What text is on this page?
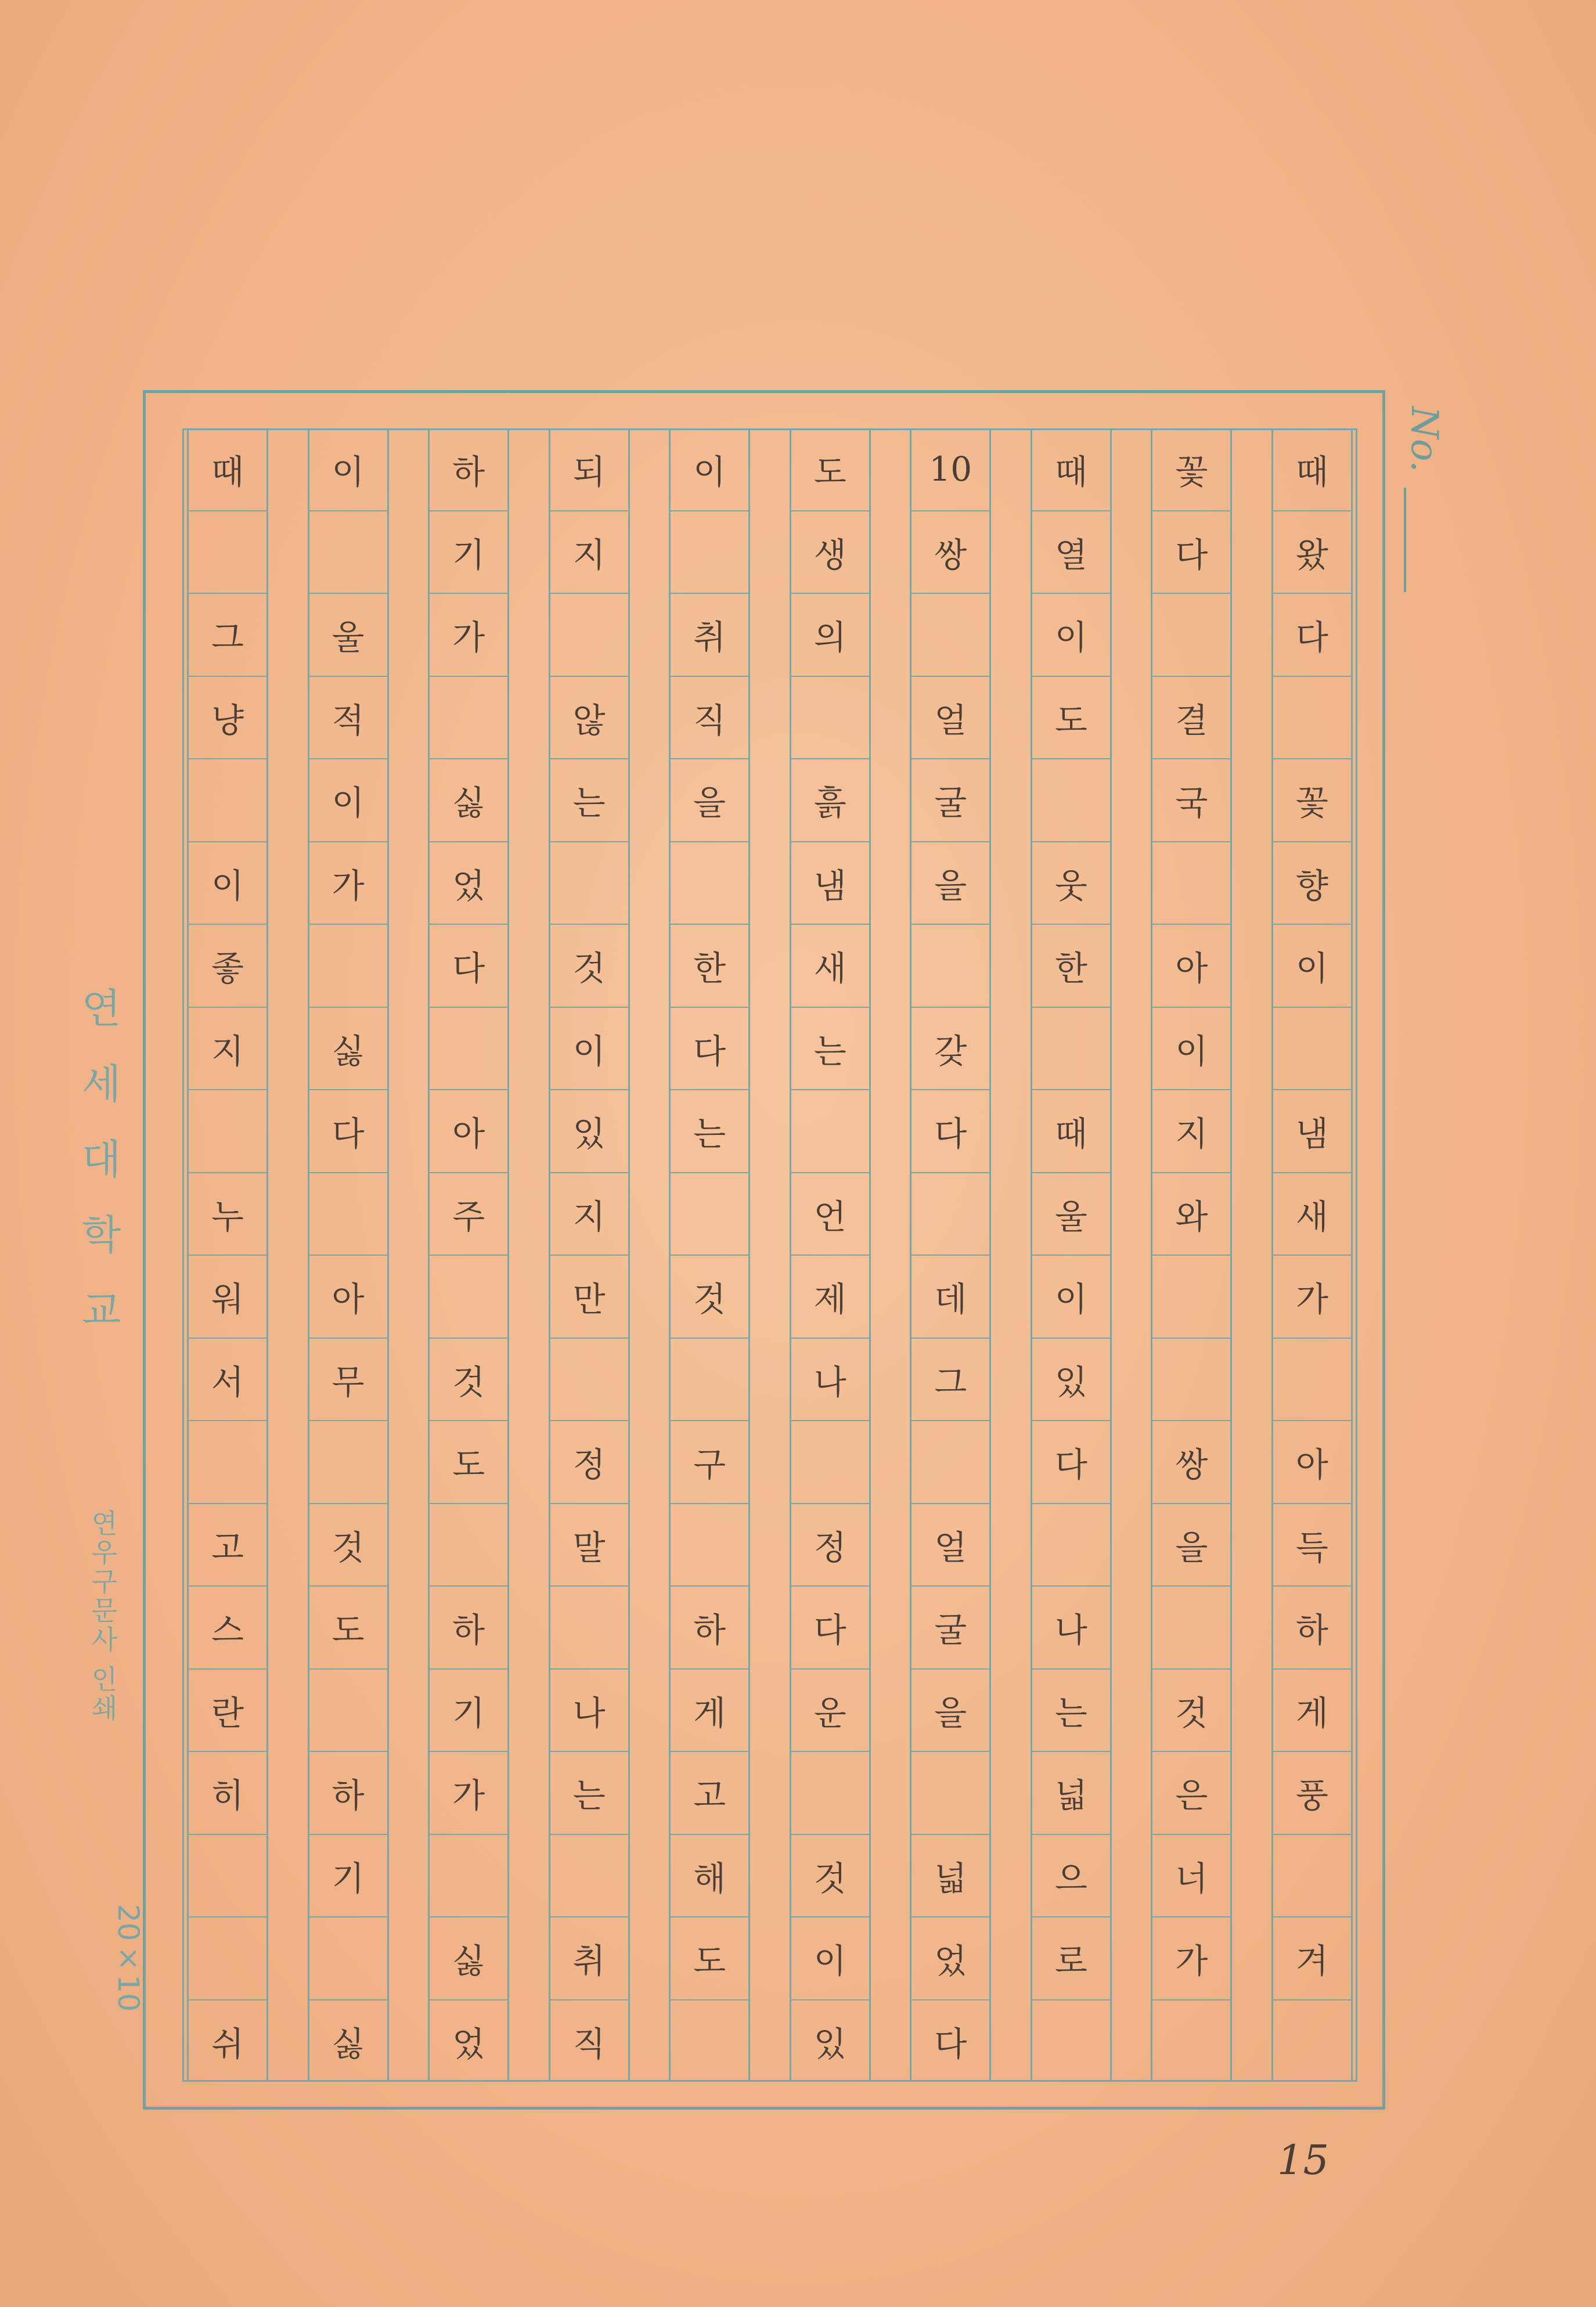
No.
때
왔
다
꽃
향
이
냄
새
가
아
득
하
게
풍
겨
꽃
다
결
국
아
이
지
와
쌍
을
것
은
너
가
때
열
이
도
웃
한
때
울
이
있
다
나
는
넓
으
로
10
쌍
얼
굴
을
갖
다
데
그
얼
굴
을
넓
었
다
도
생
의
흙
냄
새
는
언
제
나
정
다
운
것
이
있
이
취
직
을
한
다
는
것
구
하
게
고
해
도
되
지
않
는
것
이
있
지
만
정
말
나
는
취
직
하
기
가
싫
었
다
아
주
것
도
하
기
가
싫
었
이
울
적
이
가
싫
다
아
무
것
도
하
기
싫
때
그
냥
이
좋
지
누
워
서
고
스
란
히
쉬
연세대학교
연우구문사 인쇄
20×10
15
